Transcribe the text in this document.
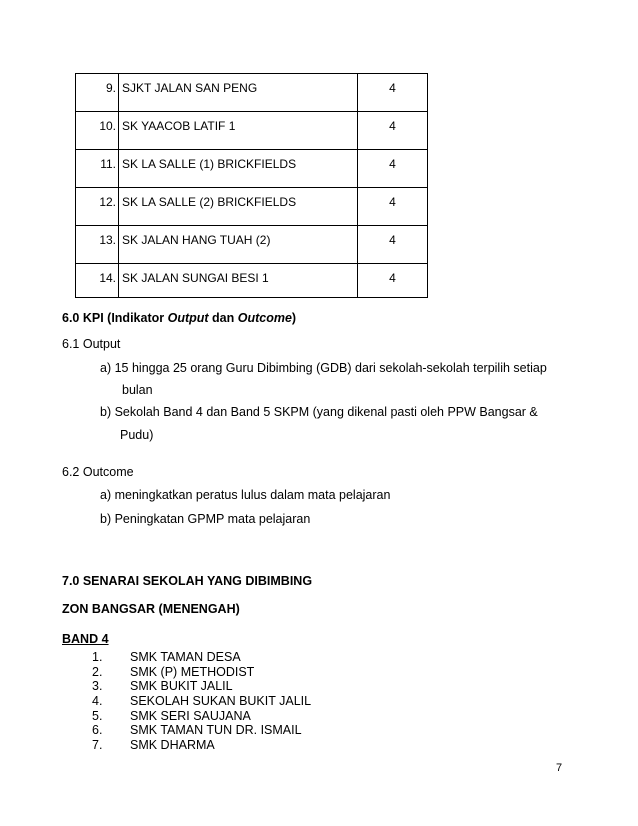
9.	SJKT JALAN SAN PENG	4
10.	SK YAACOB LATIF 1	4
11.	SK LA SALLE (1) BRICKFIELDS	4
12.	SK LA SALLE (2) BRICKFIELDS	4
13.	SK JALAN HANG TUAH (2)	4
14.	SK JALAN SUNGAI BESI 1	4
6.0 KPI (Indikator Output dan Outcome)
6.1 Output
a) 15 hingga 25 orang Guru Dibimbing (GDB) dari sekolah-sekolah terpilih setiap
bulan
b) Sekolah Band 4 dan Band 5 SKPM (yang dikenal pasti oleh PPW Bangsar &
Pudu)
6.2 Outcome
a) meningkatkan peratus lulus dalam mata pelajaran
b) Peningkatan GPMP mata pelajaran
7.0 SENARAI SEKOLAH YANG DIBIMBING
ZON BANGSAR (MENENGAH)
BAND 4
1.	SMK TAMAN DESA
2.	SMK (P) METHODIST
3.	SMK BUKIT JALIL
4.	SEKOLAH SUKAN BUKIT JALIL
5.	SMK SERI SAUJANA
6.	SMK TAMAN TUN DR. ISMAIL
7.	SMK DHARMA
7
